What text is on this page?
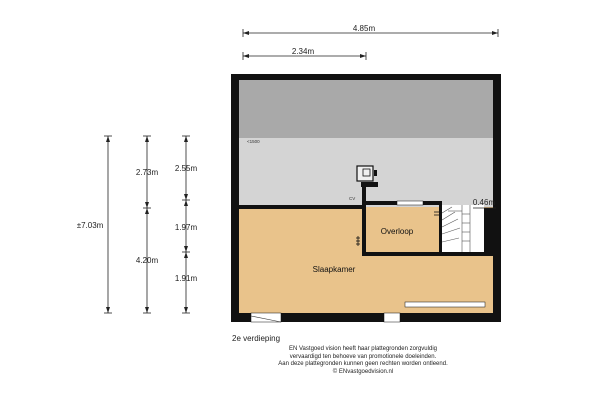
4.85m
2.34m
±7.03m
2.73m
4.20m
2.55m
1.97m
1.91m
CV
<1500
0.46m
Overloop
Slaapkamer
2e verdieping
EN Vastgoed vision heeft haar plattegronden zorgvuldig
vervaardigd ten behoeve van promotionele doeleinden.
Aan deze plattegronden kunnen geen rechten worden ontleend.
© ENvastgoedvision.nl
